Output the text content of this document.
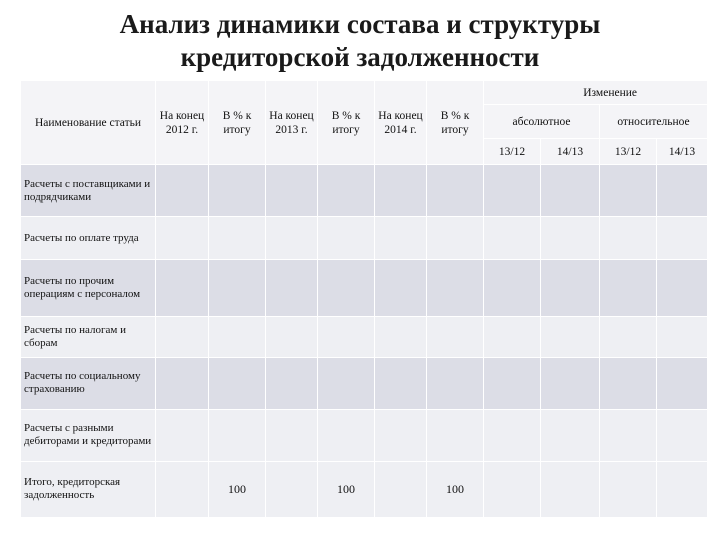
Анализ динамики состава и структуры
кредиторской задолженности
Наименование статьи	На конец 2012 г.	В % к итогу	На конец 2013 г.	В % к итогу	На конец 2014 г.	В % к итогу	Изменение			
							абсолютное		относительное	
							13/12	14/13	13/12	14/13
Расчеты с поставщиками и подрядчиками										
Расчеты по оплате труда										
Расчеты по прочим операциям с персоналом										
Расчеты по налогам и сборам										
Расчеты по социальному страхованию										
Расчеты с разными дебиторами и кредиторами										
Итого, кредиторская задолженность		100		100		100				
